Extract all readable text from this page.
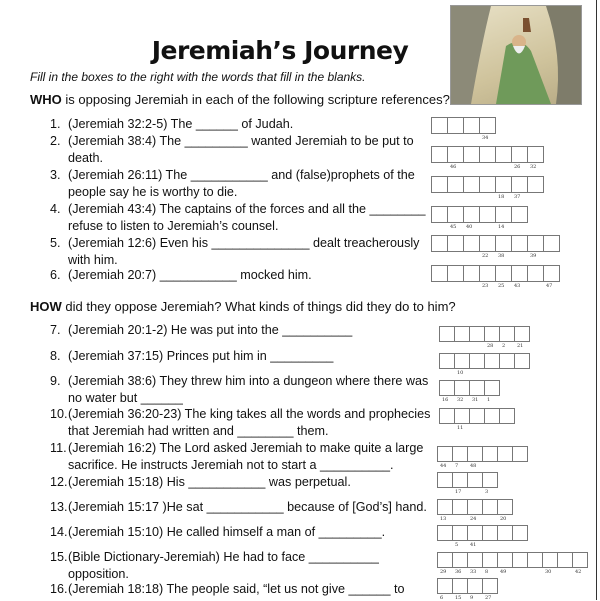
Jeremiah’s Journey
Fill in the boxes to the right with the words that fill in the blanks.
WHO is opposing Jeremiah in each of the following scripture references?
HOW did they oppose Jeremiah? What kinds of things did they do to him?
1. (Jeremiah 32:2-5) The ______ of Judah.
34
2. (Jeremiah 38:4) The _________ wanted Jeremiah to be put to death.
46	26 32
3. (Jeremiah 26:11) The ___________ and (false)prophets of the people say he is worthy to die.	18 37
4. (Jeremiah 43:4) The captains of the forces and all the ________ refuse to listen to Jeremiah’s counsel.	45 40	14
5. (Jeremiah 12:6) Even his ______________ dealt treacherously with him.	22 38	39
6. (Jeremiah 20:7) ___________ mocked him.
23 25 43	47
7. (Jeremiah 20:1-2) He was put into the __________
28 2 21
8. (Jeremiah 37:15) Princes put him in _________
10
9. (Jeremiah 38:6) They threw him into a dungeon where there was no water but ______	16 32 31 1
10. (Jeremiah 36:20-23) The king takes all the words and prophecies that Jeremiah had written and ________ them.	11
11. (Jeremiah 16:2) The Lord asked Jeremiah to make quite a large sacrifice. He instructs Jeremiah not to start a __________.	44 7 48
12. (Jeremiah 15:18) His ___________ was perpetual.
17	3
13. (Jeremiah 15:17 )He sat ___________ because of [God’s] hand.
13	24	20
14. (Jeremiah 15:10) He called himself a man of _________.
5 41
15. (Bible Dictionary-Jeremiah) He had to face __________ opposition.	29 36 33 8 49	30	42
16. (Jeremiah 18:18) The people said, “let us not give ______ to
6 15 9 27
